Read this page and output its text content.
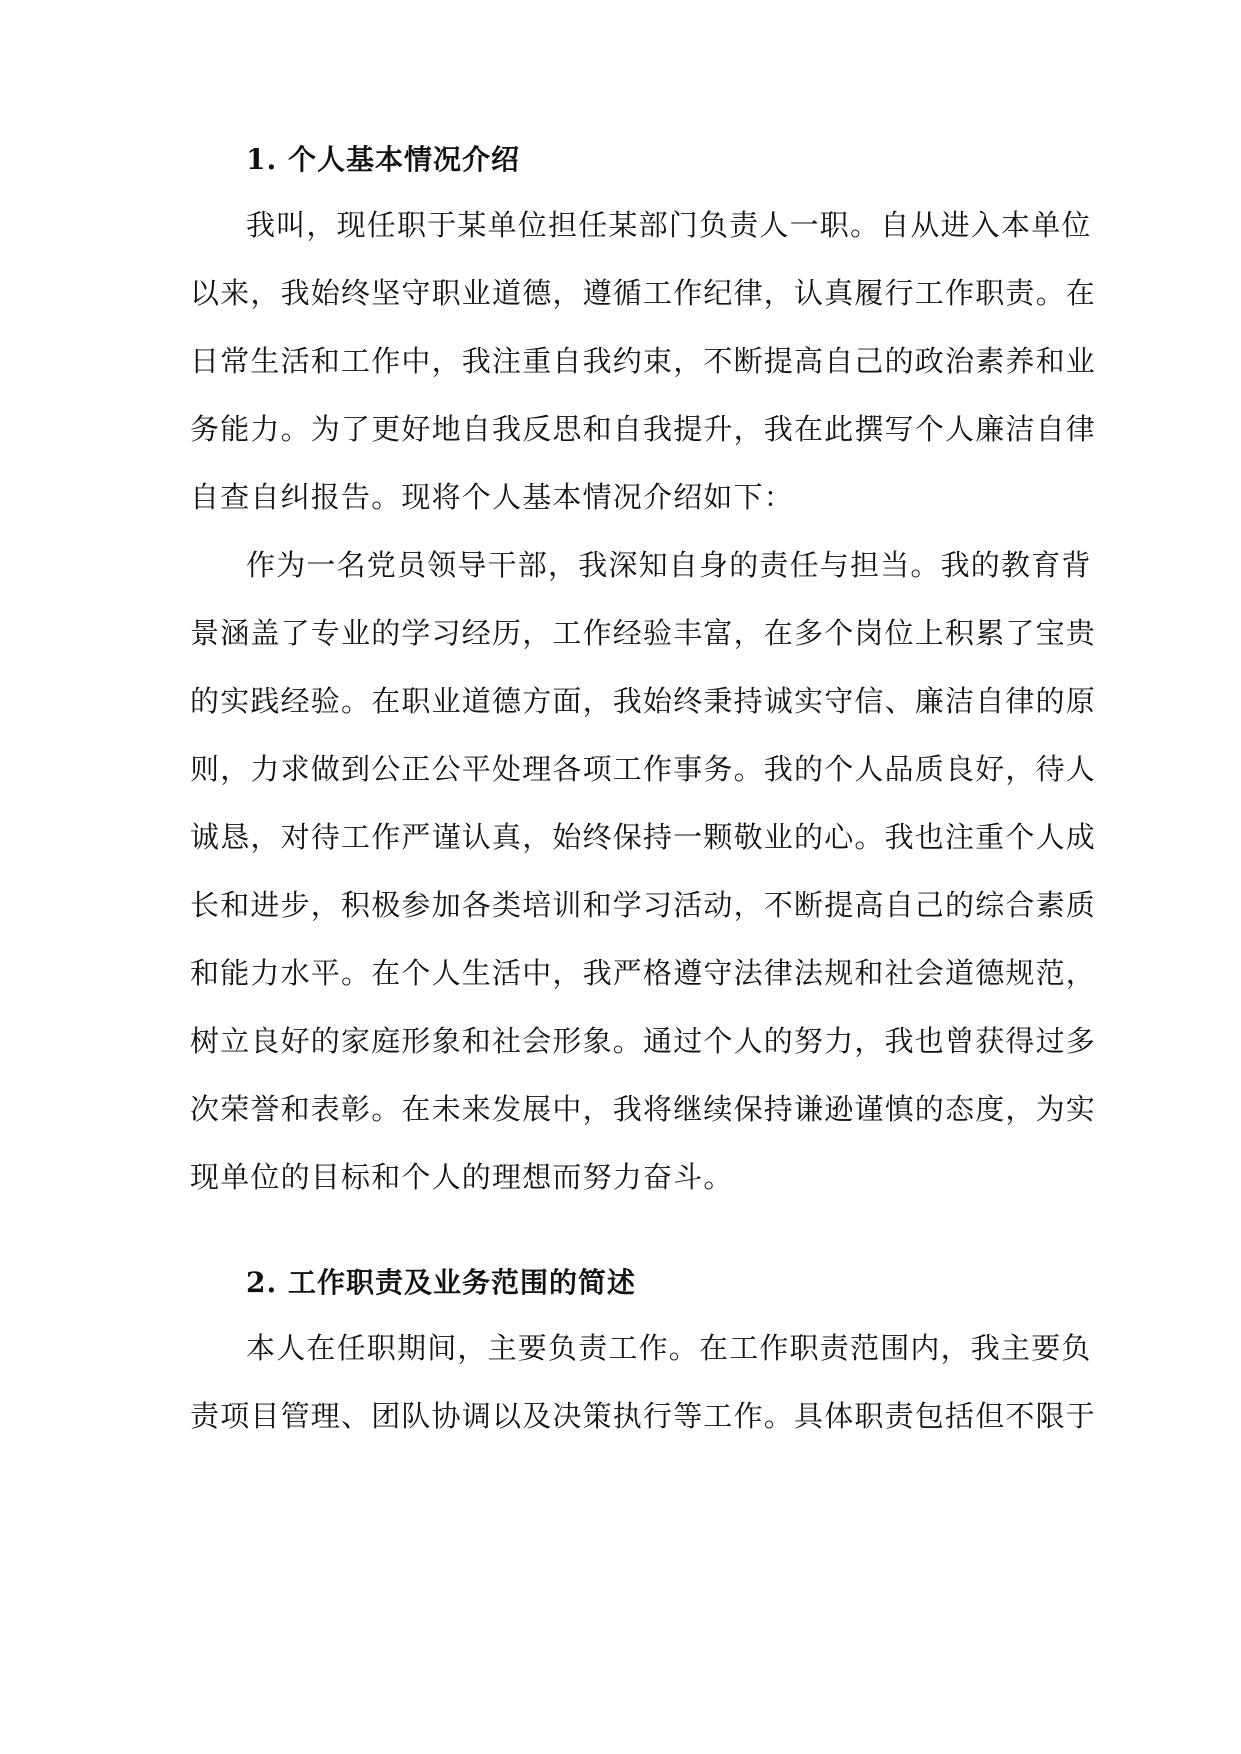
1. 个人基本情况介绍
我叫，现任职于某单位担任某部门负责人一职。自从进入本单位
以来，我始终坚守职业道德，遵循工作纪律，认真履行工作职责。在
日常生活和工作中，我注重自我约束，不断提高自己的政治素养和业
务能力。为了更好地自我反思和自我提升，我在此撰写个人廉洁自律
自查自纠报告。现将个人基本情况介绍如下：
作为一名党员领导干部，我深知自身的责任与担当。我的教育背
景涵盖了专业的学习经历，工作经验丰富，在多个岗位上积累了宝贵
的实践经验。在职业道德方面，我始终秉持诚实守信、廉洁自律的原
则，力求做到公正公平处理各项工作事务。我的个人品质良好，待人
诚恳，对待工作严谨认真，始终保持一颗敬业的心。我也注重个人成
长和进步，积极参加各类培训和学习活动，不断提高自己的综合素质
和能力水平。在个人生活中，我严格遵守法律法规和社会道德规范，
树立良好的家庭形象和社会形象。通过个人的努力，我也曾获得过多
次荣誉和表彰。在未来发展中，我将继续保持谦逊谨慎的态度，为实
现单位的目标和个人的理想而努力奋斗。
2. 工作职责及业务范围的简述
本人在任职期间，主要负责工作。在工作职责范围内，我主要负
责项目管理、团队协调以及决策执行等工作。具体职责包括但不限于
